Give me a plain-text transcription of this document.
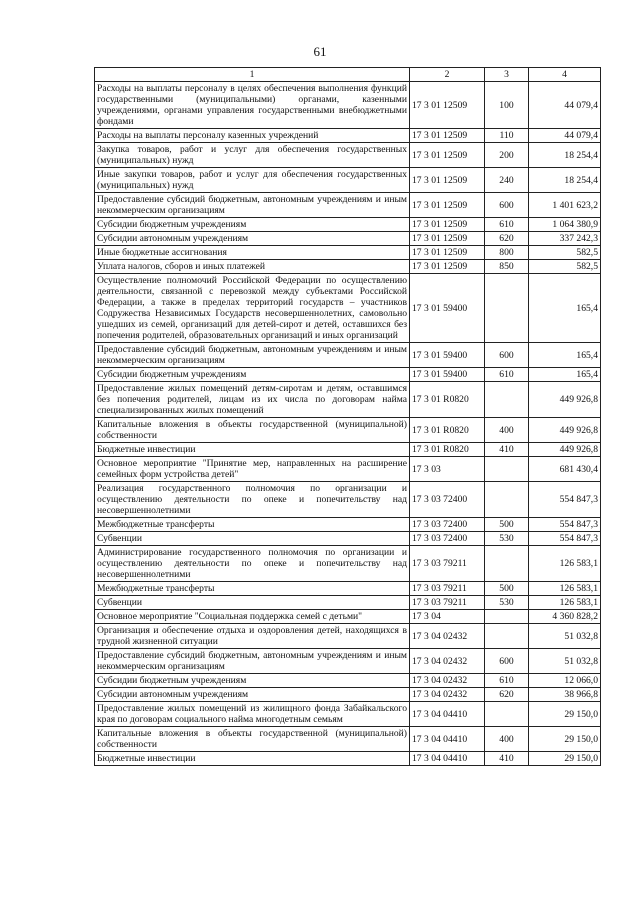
61
1	2	3	4
Расходы на выплаты персоналу в целях обеспечения выполнения функций государственными (муниципальными) органами, казенными учреждениями, органами управления государственными внебюджетными фондами	17 3 01 12509	100	44 079,4
Расходы на выплаты персоналу казенных учреждений	17 3 01 12509	110	44 079,4
Закупка товаров, работ и услуг для обеспечения государственных (муниципальных) нужд	17 3 01 12509	200	18 254,4
Иные закупки товаров, работ и услуг для обеспечения государственных (муниципальных) нужд	17 3 01 12509	240	18 254,4
Предоставление субсидий бюджетным, автономным учреждениям и иным некоммерческим организациям	17 3 01 12509	600	1 401 623,2
Субсидии бюджетным учреждениям	17 3 01 12509	610	1 064 380,9
Субсидии автономным учреждениям	17 3 01 12509	620	337 242,3
Иные бюджетные ассигнования	17 3 01 12509	800	582,5
Уплата налогов, сборов и иных платежей	17 3 01 12509	850	582,5
Осуществление полномочий Российской Федерации по осуществлению деятельности, связанной с перевозкой между субъектами Российской Федерации, а также в пределах территорий государств – участников Содружества Независимых Государств несовершеннолетних, самовольно ушедших из семей, организаций для детей-сирот и детей, оставшихся без попечения родителей, образовательных организаций и иных организаций	17 3 01 59400		165,4
Предоставление субсидий бюджетным, автономным учреждениям и иным некоммерческим организациям	17 3 01 59400	600	165,4
Субсидии бюджетным учреждениям	17 3 01 59400	610	165,4
Предоставление жилых помещений детям-сиротам и детям, оставшимся без попечения родителей, лицам из их числа по договорам найма специализированных жилых помещений	17 3 01 R0820		449 926,8
Капитальные вложения в объекты государственной (муниципальной) собственности	17 3 01 R0820	400	449 926,8
Бюджетные инвестиции	17 3 01 R0820	410	449 926,8
Основное мероприятие "Принятие мер, направленных на расширение семейных форм устройства детей"	17 3 03		681 430,4
Реализация государственного полномочия по организации и осуществлению деятельности по опеке и попечительству над несовершеннолетними	17 3 03 72400		554 847,3
Межбюджетные трансферты	17 3 03 72400	500	554 847,3
Субвенции	17 3 03 72400	530	554 847,3
Администрирование государственного полномочия по организации и осуществлению деятельности по опеке и попечительству над несовершеннолетними	17 3 03 79211		126 583,1
Межбюджетные трансферты	17 3 03 79211	500	126 583,1
Субвенции	17 3 03 79211	530	126 583,1
Основное мероприятие "Социальная поддержка семей с детьми"	17 3 04		4 360 828,2
Организация и обеспечение отдыха и оздоровления детей, находящихся в трудной жизненной ситуации	17 3 04 02432		51 032,8
Предоставление субсидий бюджетным, автономным учреждениям и иным некоммерческим организациям	17 3 04 02432	600	51 032,8
Субсидии бюджетным учреждениям	17 3 04 02432	610	12 066,0
Субсидии автономным учреждениям	17 3 04 02432	620	38 966,8
Предоставление жилых помещений из жилищного фонда Забайкальского края по договорам социального найма многодетным семьям	17 3 04 04410		29 150,0
Капитальные вложения в объекты государственной (муниципальной) собственности	17 3 04 04410	400	29 150,0
Бюджетные инвестиции	17 3 04 04410	410	29 150,0
